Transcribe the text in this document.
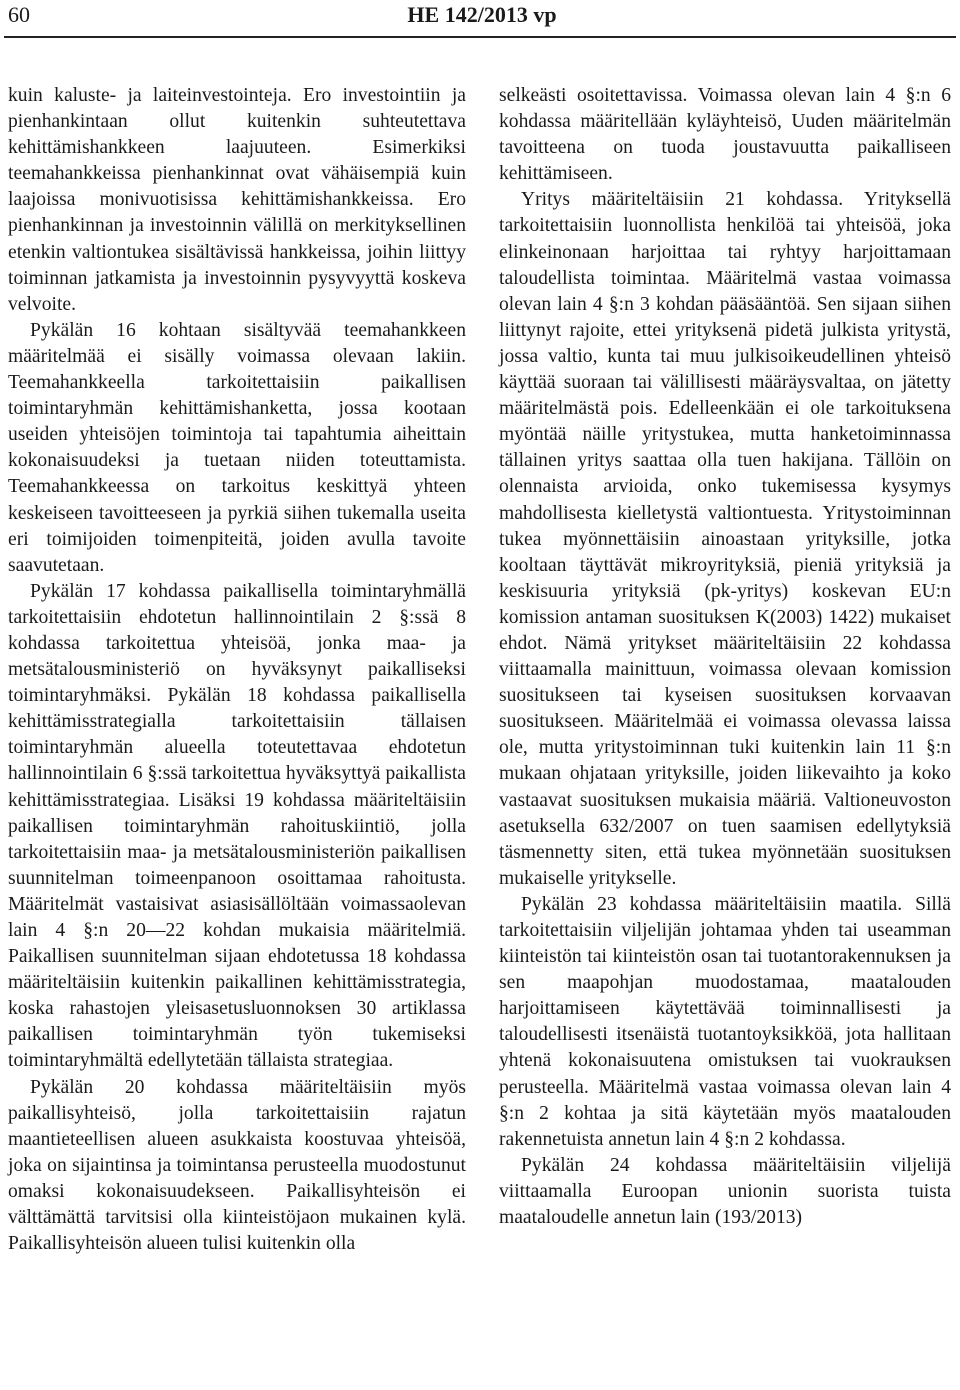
60	HE 142/2013 vp

kuin kaluste- ja laiteinvestointeja. Ero investointiin ja pienhankintaan ollut kuitenkin suhteutettava kehittämishankkeen laajuuteen. Esimerkiksi teemahankkeissa pienhankinnat ovat vähäisempiä kuin laajoissa monivuotisissa kehittämishankkeissa. Ero pienhankinnan ja investoinnin välillä on merkityksellinen etenkin valtiontukea sisältävissä hankkeissa, joihin liittyy toiminnan jatkamista ja investoinnin pysyvyyttä koskeva velvoite.

Pykälän 16 kohtaan sisältyvää teemahankkeen määritelmää ei sisälly voimassa olevaan lakiin. Teemahankkeella tarkoitettaisiin paikallisen toimintaryhmän kehittämishanketta, jossa kootaan useiden yhteisöjen toimintoja tai tapahtumia aiheittain kokonaisuudeksi ja tuetaan niiden toteuttamista. Teemahankkeessa on tarkoitus keskittyä yhteen keskeiseen tavoitteeseen ja pyrkiä siihen tukemalla useita eri toimijoiden toimenpiteitä, joiden avulla tavoite saavutetaan.

Pykälän 17 kohdassa paikallisella toimintaryhmällä tarkoitettaisiin ehdotetun hallinnointilain 2 §:ssä 8 kohdassa tarkoitettua yhteisöä, jonka maa- ja metsätalousministeriö on hyväksynyt paikalliseksi toimintaryhmäksi. Pykälän 18 kohdassa paikallisella kehittämisstrategialla tarkoitettaisiin tällaisen toimintaryhmän alueella toteutettavaa ehdotetun hallinnointilain 6 §:ssä tarkoitettua hyväksyttyä paikallista kehittämisstrategiaa. Lisäksi 19 kohdassa määriteltäisiin paikallisen toimintaryhmän rahoituskiintiö, jolla tarkoitettaisiin maa- ja metsätalousministeriön paikallisen suunnitelman toimeenpanoon osoittamaa rahoitusta. Määritelmät vastaisivat asiasisällöltään voimassaolevan lain 4 §:n 20—22 kohdan mukaisia määritelmiä. Paikallisen suunnitelman sijaan ehdotetussa 18 kohdassa määriteltäisiin kuitenkin paikallinen kehittämisstrategia, koska rahastojen yleisasetusluonnoksen 30 artiklassa paikallisen toimintaryhmän työn tukemiseksi toimintaryhmältä edellytetään tällaista strategiaa.

Pykälän 20 kohdassa määriteltäisiin myös paikallisyhteisö, jolla tarkoitettaisiin rajatun maantieteellisen alueen asukkaista koostuvaa yhteisöä, joka on sijaintinsa ja toimintansa perusteella muodostunut omaksi kokonaisuudekseen. Paikallisyhteisön ei välttämättä tarvitsisi olla kiinteistöjaon mukainen kylä. Paikallisyhteisön alueen tulisi kuitenkin olla

selkeästi osoitettavissa. Voimassa olevan lain 4 §:n 6 kohdassa määritellään kyläyhteisö, Uuden määritelmän tavoitteena on tuoda joustavuutta paikalliseen kehittämiseen.

Yritys määriteltäisiin 21 kohdassa. Yrityksellä tarkoitettaisiin luonnollista henkilöä tai yhteisöä, joka elinkeinonaan harjoittaa tai ryhtyy harjoittamaan taloudellista toimintaa. Määritelmä vastaa voimassa olevan lain 4 §:n 3 kohdan pääsääntöä. Sen sijaan siihen liittynyt rajoite, ettei yrityksenä pidetä julkista yritystä, jossa valtio, kunta tai muu julkisoikeudellinen yhteisö käyttää suoraan tai välillisesti määräysvaltaa, on jätetty määritelmästä pois. Edelleenkään ei ole tarkoituksena myöntää näille yritystukea, mutta hanketoiminnassa tällainen yritys saattaa olla tuen hakijana. Tällöin on olennaista arvioida, onko tukemisessa kysymys mahdollisesta kielletystä valtiontuesta. Yritystoiminnan tukea myönnettäisiin ainoastaan yrityksille, jotka kooltaan täyttävät mikroyrityksiä, pieniä yrityksiä ja keskisuuria yrityksiä (pk-yritys) koskevan EU:n komission antaman suosituksen K(2003) 1422) mukaiset ehdot. Nämä yritykset määriteltäisiin 22 kohdassa viittaamalla mainittuun, voimassa olevaan komission suositukseen tai kyseisen suosituksen korvaavan suositukseen. Määritelmää ei voimassa olevassa laissa ole, mutta yritystoiminnan tuki kuitenkin lain 11 §:n mukaan ohjataan yrityksille, joiden liikevaihto ja koko vastaavat suosituksen mukaisia määriä. Valtioneuvoston asetuksella 632/2007 on tuen saamisen edellytyksiä täsmennetty siten, että tukea myönnetään suosituksen mukaiselle yritykselle.

Pykälän 23 kohdassa määriteltäisiin maatila. Sillä tarkoitettaisiin viljelijän johtamaa yhden tai useamman kiinteistön tai kiinteistön osan tai tuotantorakennuksen ja sen maapohjan muodostamaa, maatalouden harjoittamiseen käytettävää toiminnallisesti ja taloudellisesti itsenäistä tuotantoyksikköä, jota hallitaan yhtenä kokonaisuutena omistuksen tai vuokrauksen perusteella. Määritelmä vastaa voimassa olevan lain 4 §:n 2 kohtaa ja sitä käytetään myös maatalouden rakennetuista annetun lain 4 §:n 2 kohdassa.

Pykälän 24 kohdassa määriteltäisiin viljelijä viittaamalla Euroopan unionin suorista tuista maataloudelle annetun lain (193/2013)
